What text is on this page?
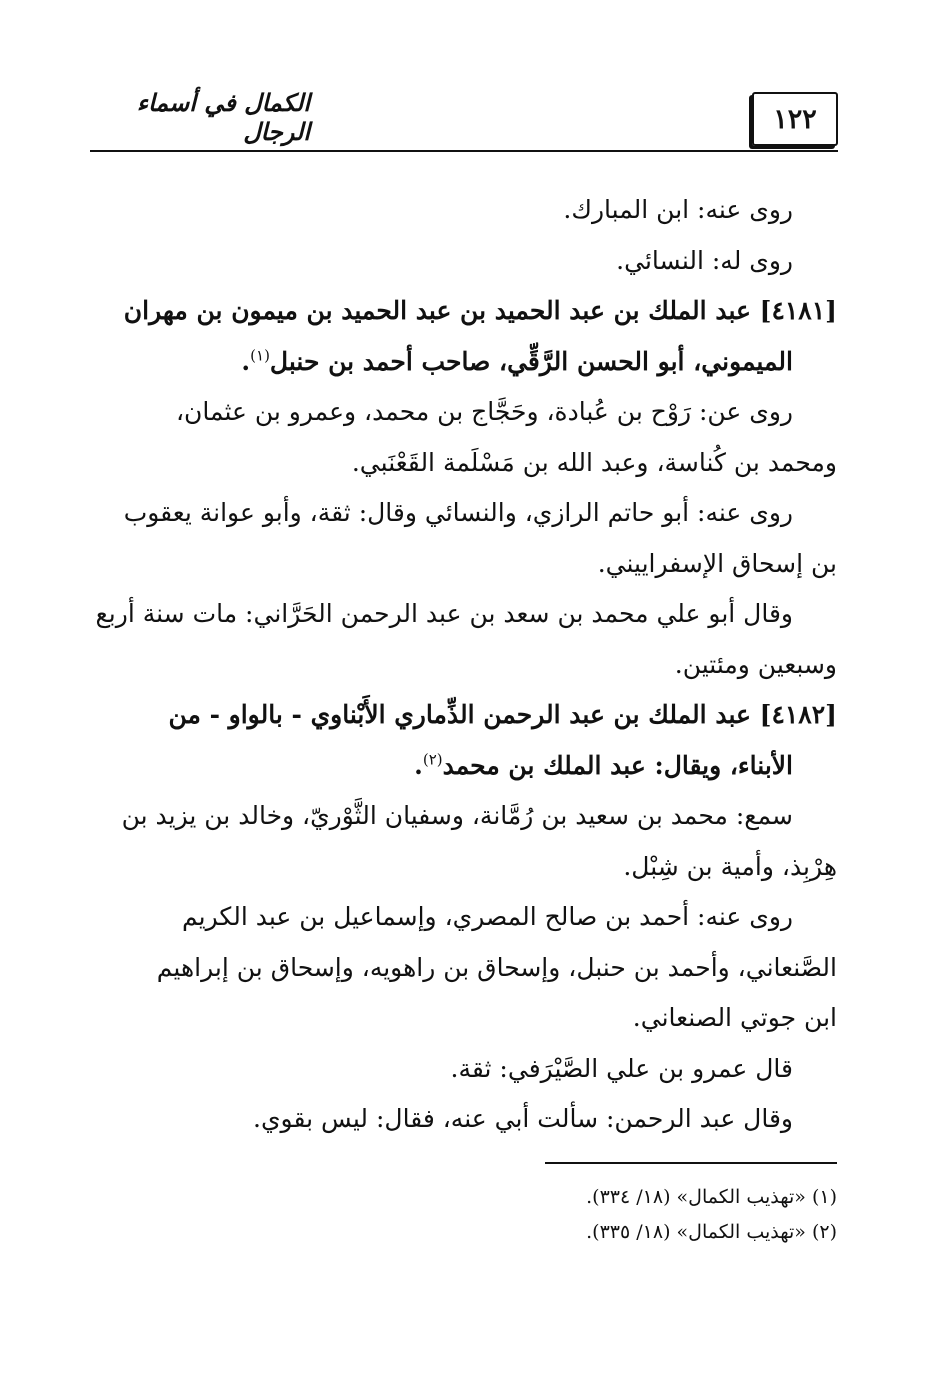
١٢٢
الكمال في أسماء الرجال

روى عنه: ابن المبارك.

روى له: النسائي.

[٤١٨١] عبد الملك بن عبد الحميد بن عبد الحميد بن ميمون بن مهران

الميموني، أبو الحسن الرَّقِّي، صاحب أحمد بن حنبل$^{(١)}$.

روى عن: رَوْح بن عُبادة، وحَجَّاج بن محمد، وعمرو بن عثمان،

ومحمد بن كُناسة، وعبد الله بن مَسْلَمة القَعْنَبي.

روى عنه: أبو حاتم الرازي، والنسائي وقال: ثقة، وأبو عوانة يعقوب

بن إسحاق الإسفراييني.

وقال أبو علي محمد بن سعد بن عبد الرحمن الحَرَّاني: مات سنة أربع

وسبعين ومئتين.

[٤١٨٢] عبد الملك بن عبد الرحمن الذِّماري الأَبْناوي - بالواو - من

الأبناء، ويقال: عبد الملك بن محمد$^{(٢)}$.

سمع: محمد بن سعيد بن رُمَّانة، وسفيان الثَّوْريّ، وخالد بن يزيد بن

هِرْبِذ، وأمية بن شِبْل.

روى عنه: أحمد بن صالح المصري، وإسماعيل بن عبد الكريم

الصَّنعاني، وأحمد بن حنبل، وإسحاق بن راهويه، وإسحاق بن إبراهيم

ابن جوتي الصنعاني.

قال عمرو بن علي الصَّيْرَفي: ثقة.

وقال عبد الرحمن: سألت أبي عنه، فقال: ليس بقوي.

(١) «تهذيب الكمال» (١٨/ ٣٣٤).

(٢) «تهذيب الكمال» (١٨/ ٣٣٥).
